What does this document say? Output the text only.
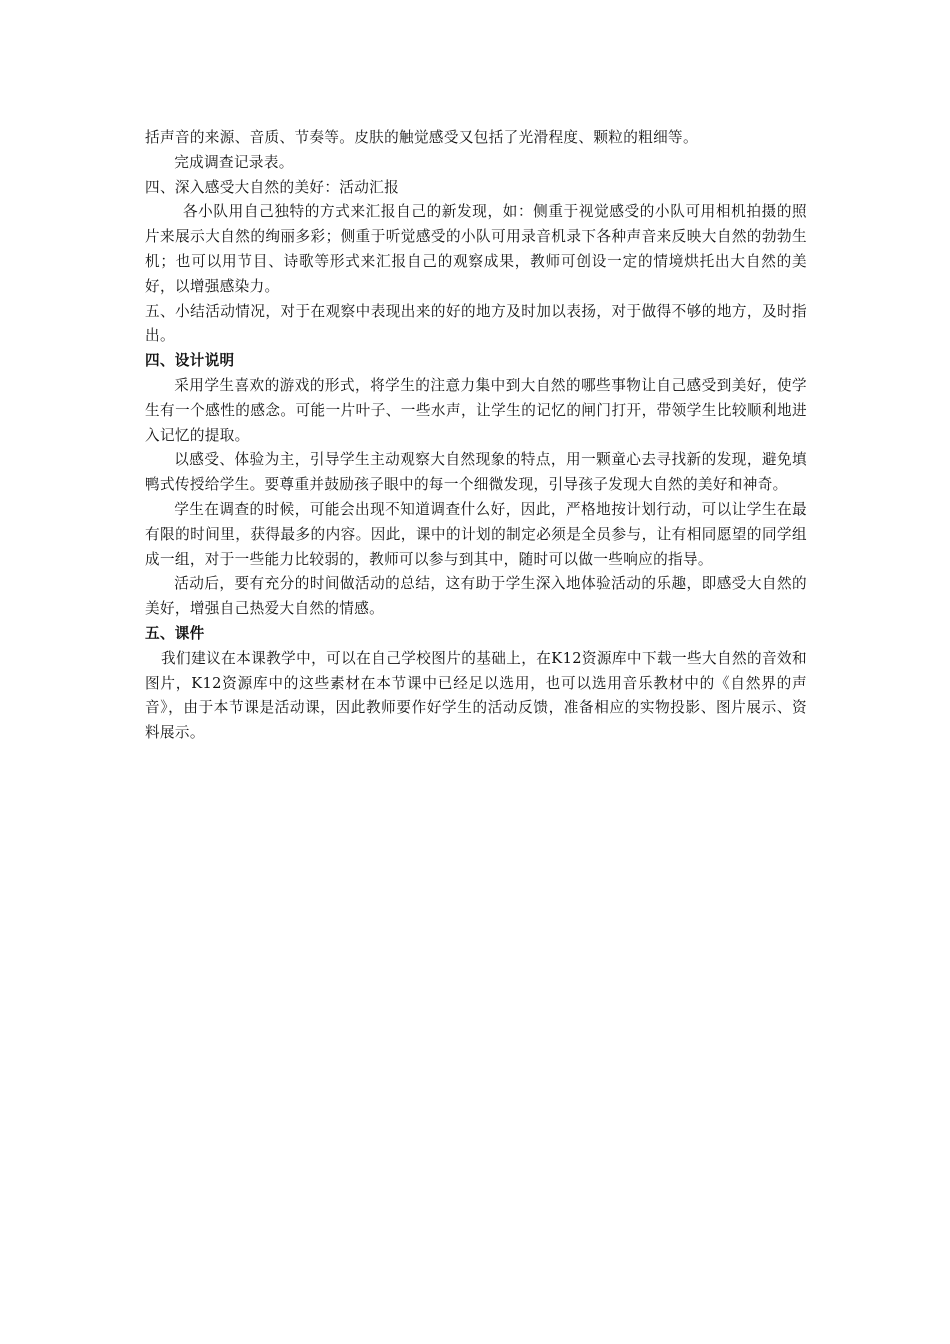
括声音的来源、音质、节奏等。皮肤的触觉感受又包括了光滑程度、颗粒的粗细等。

完成调查记录表。

四、深入感受大自然的美好：活动汇报

各小队用自己独特的方式来汇报自己的新发现，如：侧重于视觉感受的小队可用相机拍摄的照片来展示大自然的绚丽多彩；侧重于听觉感受的小队可用录音机录下各种声音来反映大自然的勃勃生机；也可以用节目、诗歌等形式来汇报自己的观察成果，教师可创设一定的情境烘托出大自然的美好，以增强感染力。

五、小结活动情况，对于在观察中表现出来的好的地方及时加以表扬，对于做得不够的地方，及时指出。

四、设计说明

采用学生喜欢的游戏的形式，将学生的注意力集中到大自然的哪些事物让自己感受到美好，使学生有一个感性的感念。可能一片叶子、一些水声，让学生的记忆的闸门打开，带领学生比较顺利地进入记忆的提取。

以感受、体验为主，引导学生主动观察大自然现象的特点，用一颗童心去寻找新的发现，避免填鸭式传授给学生。要尊重并鼓励孩子眼中的每一个细微发现，引导孩子发现大自然的美好和神奇。

学生在调查的时候，可能会出现不知道调查什么好，因此，严格地按计划行动，可以让学生在最有限的时间里，获得最多的内容。因此，课中的计划的制定必须是全员参与，让有相同愿望的同学组成一组，对于一些能力比较弱的，教师可以参与到其中，随时可以做一些响应的指导。

活动后，要有充分的时间做活动的总结，这有助于学生深入地体验活动的乐趣，即感受大自然的美好，增强自己热爱大自然的情感。

五、课件

我们建议在本课教学中，可以在自己学校图片的基础上，在K12资源库中下载一些大自然的音效和图片，K12资源库中的这些素材在本节课中已经足以选用，也可以选用音乐教材中的《自然界的声音》，由于本节课是活动课，因此教师要作好学生的活动反馈，准备相应的实物投影、图片展示、资料展示。
